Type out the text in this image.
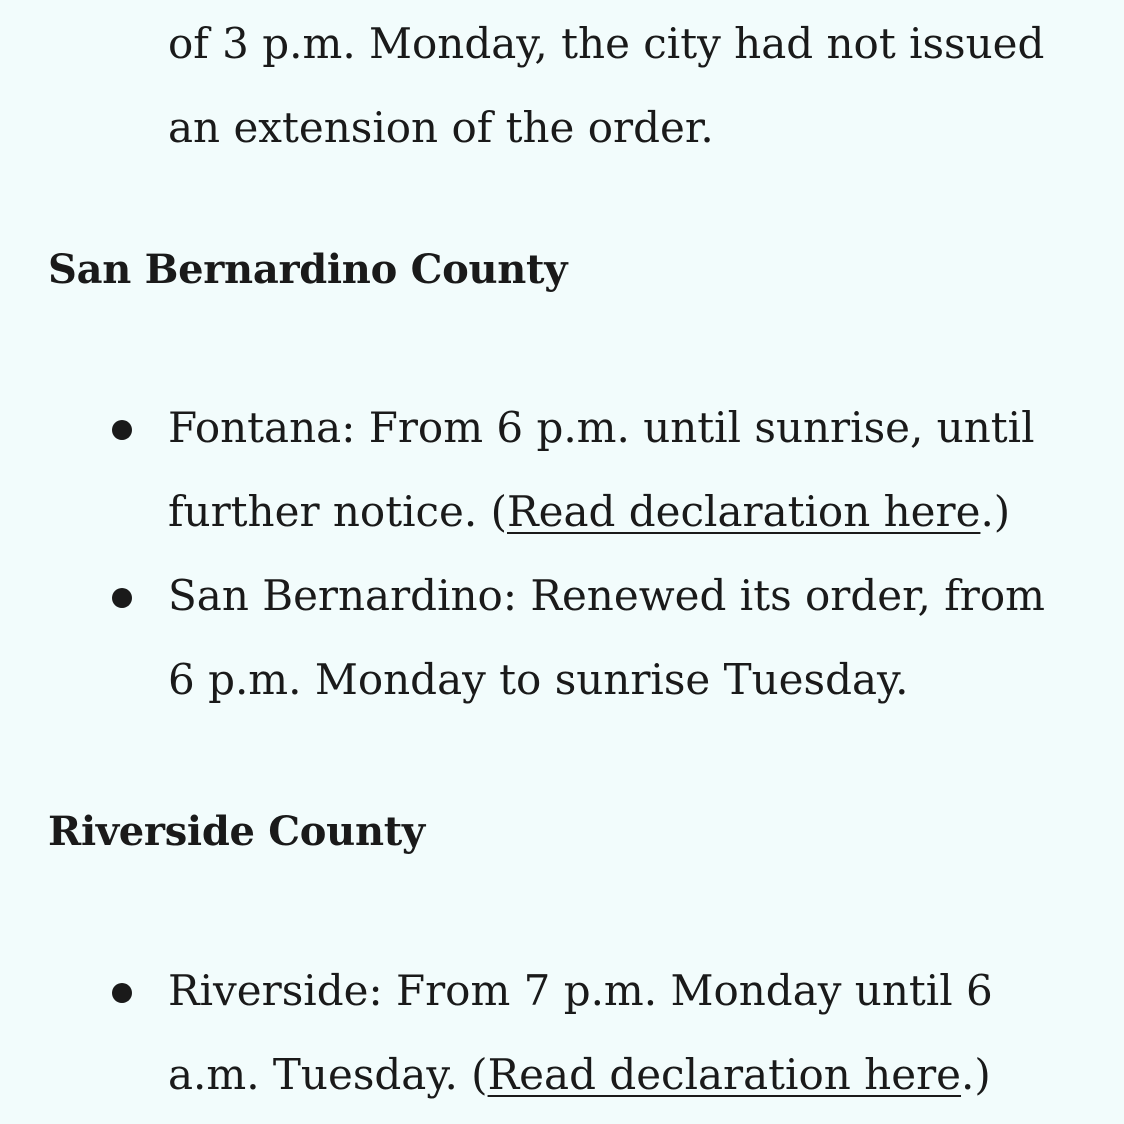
of 3 p.m. Monday, the city had not issued an extension of the order.

San Bernardino County
Fontana: From 6 p.m. until sunrise, until further notice. (Read declaration here.)
San Bernardino: Renewed its order, from 6 p.m. Monday to sunrise Tuesday.
Riverside County
Riverside: From 7 p.m. Monday until 6 a.m. Tuesday. (Read declaration here.)
